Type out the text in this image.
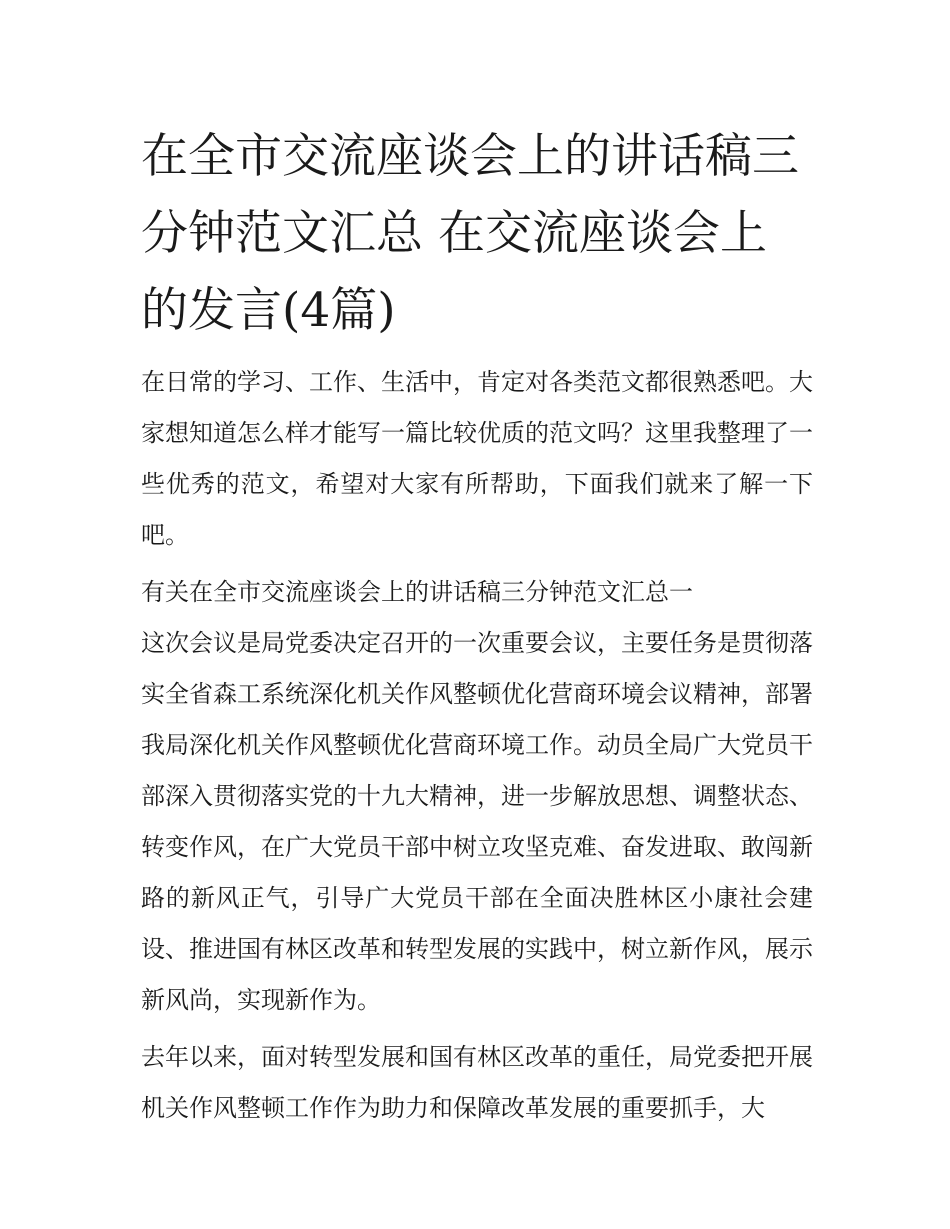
在全市交流座谈会上的讲话稿三分钟范文汇总 在交流座谈会上的发言(4篇)

在日常的学习、工作、生活中，肯定对各类范文都很熟悉吧。大家想知道怎么样才能写一篇比较优质的范文吗？这里我整理了一些优秀的范文，希望对大家有所帮助，下面我们就来了解一下吧。

有关在全市交流座谈会上的讲话稿三分钟范文汇总一

这次会议是局党委决定召开的一次重要会议，主要任务是贯彻落实全省森工系统深化机关作风整顿优化营商环境会议精神，部署我局深化机关作风整顿优化营商环境工作。动员全局广大党员干部深入贯彻落实党的十九大精神，进一步解放思想、调整状态、转变作风，在广大党员干部中树立攻坚克难、奋发进取、敢闯新路的新风正气，引导广大党员干部在全面决胜林区小康社会建设、推进国有林区改革和转型发展的实践中，树立新作风，展示新风尚，实现新作为。

去年以来，面对转型发展和国有林区改革的重任，局党委把开展机关作风整顿工作作为助力和保障改革发展的重要抓手，大
